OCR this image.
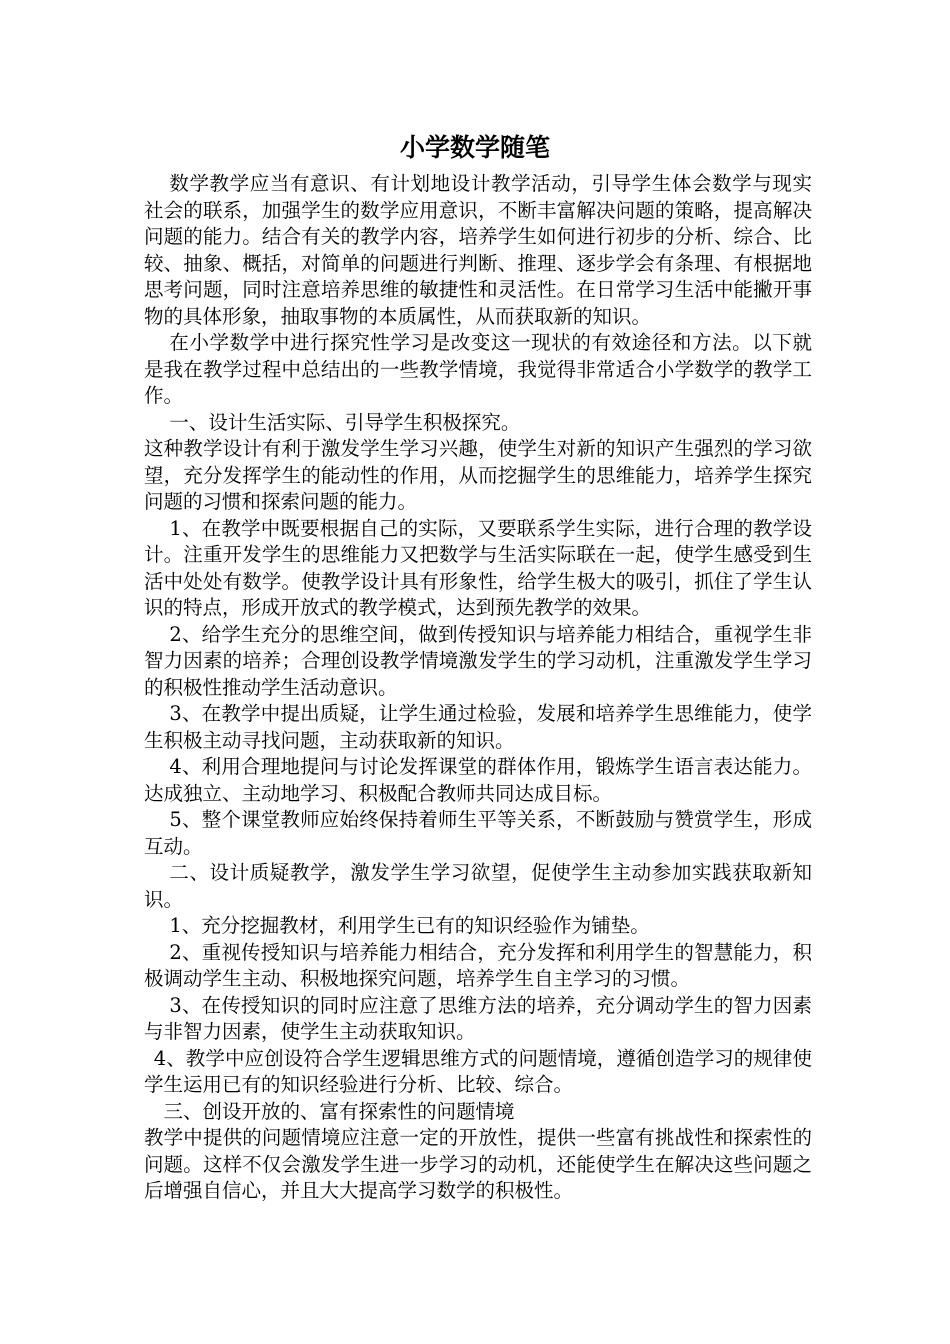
小学数学随笔

数学教学应当有意识、有计划地设计教学活动，引导学生体会数学与现实社会的联系，加强学生的数学应用意识，不断丰富解决问题的策略，提高解决问题的能力。结合有关的教学内容，培养学生如何进行初步的分析、综合、比较、抽象、概括，对简单的问题进行判断、推理、逐步学会有条理、有根据地思考问题，同时注意培养思维的敏捷性和灵活性。在日常学习生活中能撇开事物的具体形象，抽取事物的本质属性，从而获取新的知识。

在小学数学中进行探究性学习是改变这一现状的有效途径和方法。以下就是我在教学过程中总结出的一些教学情境，我觉得非常适合小学数学的教学工作。

一、设计生活实际、引导学生积极探究。

这种教学设计有利于激发学生学习兴趣，使学生对新的知识产生强烈的学习欲望，充分发挥学生的能动性的作用，从而挖掘学生的思维能力，培养学生探究问题的习惯和探索问题的能力。

1、在教学中既要根据自己的实际，又要联系学生实际，进行合理的教学设计。注重开发学生的思维能力又把数学与生活实际联在一起，使学生感受到生活中处处有数学。使教学设计具有形象性，给学生极大的吸引，抓住了学生认识的特点，形成开放式的教学模式，达到预先教学的效果。

2、给学生充分的思维空间，做到传授知识与培养能力相结合，重视学生非智力因素的培养；合理创设教学情境激发学生的学习动机，注重激发学生学习的积极性推动学生活动意识。

3、在教学中提出质疑，让学生通过检验，发展和培养学生思维能力，使学生积极主动寻找问题，主动获取新的知识。

4、利用合理地提问与讨论发挥课堂的群体作用，锻炼学生语言表达能力。达成独立、主动地学习、积极配合教师共同达成目标。

5、整个课堂教师应始终保持着师生平等关系，不断鼓励与赞赏学生，形成互动。

二、设计质疑教学，激发学生学习欲望，促使学生主动参加实践获取新知识。

1、充分挖掘教材，利用学生已有的知识经验作为铺垫。

2、重视传授知识与培养能力相结合，充分发挥和利用学生的智慧能力，积极调动学生主动、积极地探究问题，培养学生自主学习的习惯。

3、在传授知识的同时应注意了思维方法的培养，充分调动学生的智力因素与非智力因素，使学生主动获取知识。

4、教学中应创设符合学生逻辑思维方式的问题情境，遵循创造学习的规律使学生运用已有的知识经验进行分析、比较、综合。

三、创设开放的、富有探索性的问题情境

教学中提供的问题情境应注意一定的开放性，提供一些富有挑战性和探索性的问题。这样不仅会激发学生进一步学习的动机，还能使学生在解决这些问题之后增强自信心，并且大大提高学习数学的积极性。
